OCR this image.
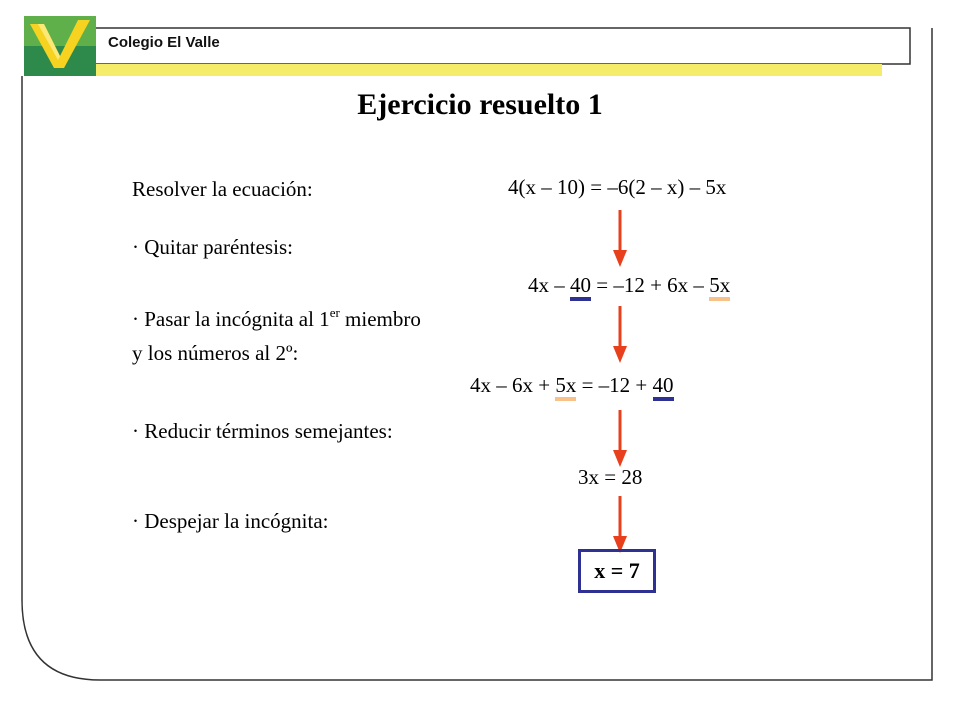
Colegio El Valle
Ejercicio resuelto 1
Resolver la ecuación:	4(x – 10) = –6(2 – x) – 5x
· Quitar paréntesis:
4x – 40 = –12 + 6x – 5x
· Pasar la incógnita al 1er miembro
y los números al 2º:
4x – 6x + 5x = –12 + 40
· Reducir términos semejantes:
3x = 28
· Despejar la incógnita:
x = 7
